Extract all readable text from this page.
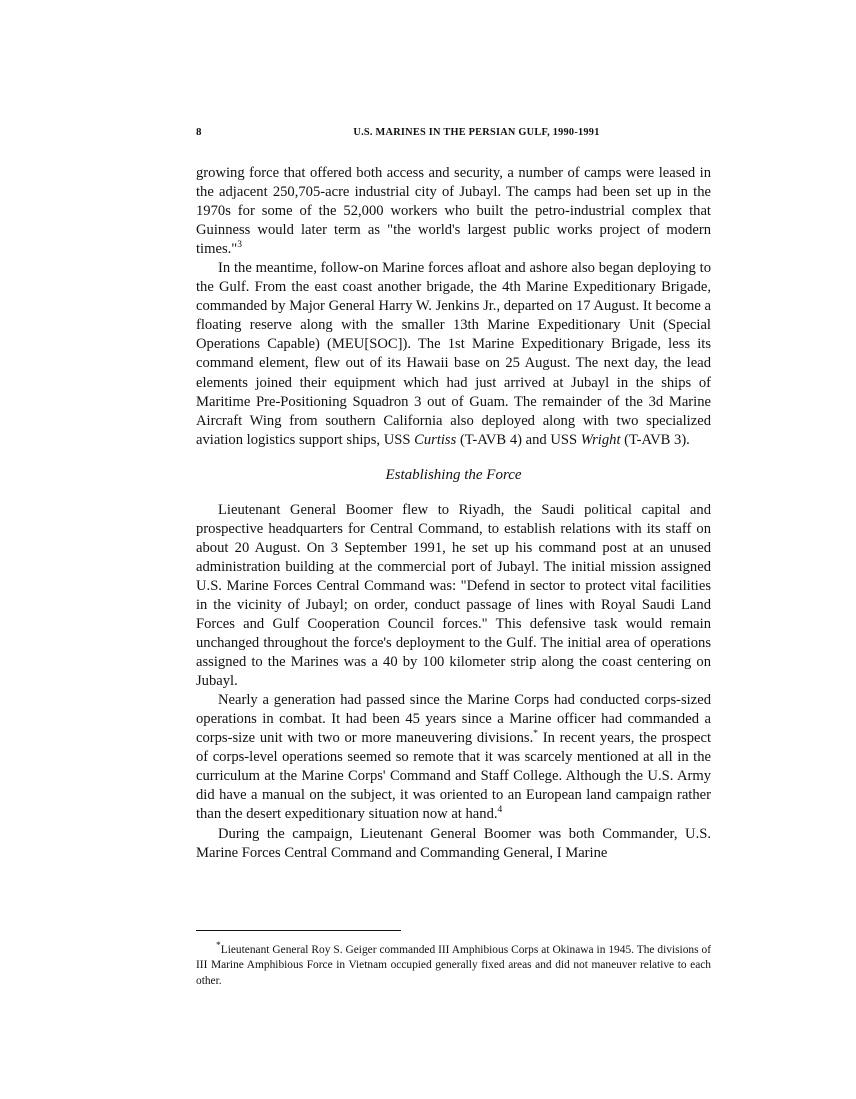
8	U.S. MARINES IN THE PERSIAN GULF, 1990-1991

growing force that offered both access and security, a number of camps were leased in the adjacent 250,705-acre industrial city of Jubayl. The camps had been set up in the 1970s for some of the 52,000 workers who built the petro-industrial complex that Guinness would later term as "the world's largest public works project of modern times."$^3$

In the meantime, follow-on Marine forces afloat and ashore also began deploying to the Gulf. From the east coast another brigade, the 4th Marine Expeditionary Brigade, commanded by Major General Harry W. Jenkins Jr., departed on 17 August. It become a floating reserve along with the smaller 13th Marine Expeditionary Unit (Special Operations Capable) (MEU[SOC]). The 1st Marine Expeditionary Brigade, less its command element, flew out of its Hawaii base on 25 August. The next day, the lead elements joined their equipment which had just arrived at Jubayl in the ships of Maritime Pre-Positioning Squadron 3 out of Guam. The remainder of the 3d Marine Aircraft Wing from southern California also deployed along with two specialized aviation logistics support ships, USS Curtiss (T-AVB 4) and USS Wright (T-AVB 3).

Establishing the Force

Lieutenant General Boomer flew to Riyadh, the Saudi political capital and prospective headquarters for Central Command, to establish relations with its staff on about 20 August. On 3 September 1991, he set up his command post at an unused administration building at the commercial port of Jubayl. The initial mission assigned U.S. Marine Forces Central Command was: "Defend in sector to protect vital facilities in the vicinity of Jubayl; on order, conduct passage of lines with Royal Saudi Land Forces and Gulf Cooperation Council forces." This defensive task would remain unchanged throughout the force's deployment to the Gulf. The initial area of operations assigned to the Marines was a 40 by 100 kilometer strip along the coast centering on Jubayl.

Nearly a generation had passed since the Marine Corps had conducted corps-sized operations in combat. It had been 45 years since a Marine officer had commanded a corps-size unit with two or more maneuvering divisions.* In recent years, the prospect of corps-level operations seemed so remote that it was scarcely mentioned at all in the curriculum at the Marine Corps' Command and Staff College. Although the U.S. Army did have a manual on the subject, it was oriented to an European land campaign rather than the desert expeditionary situation now at hand.$^4$

During the campaign, Lieutenant General Boomer was both Commander, U.S. Marine Forces Central Command and Commanding General, I Marine

*Lieutenant General Roy S. Geiger commanded III Amphibious Corps at Okinawa in 1945. The divisions of III Marine Amphibious Force in Vietnam occupied generally fixed areas and did not maneuver relative to each other.
